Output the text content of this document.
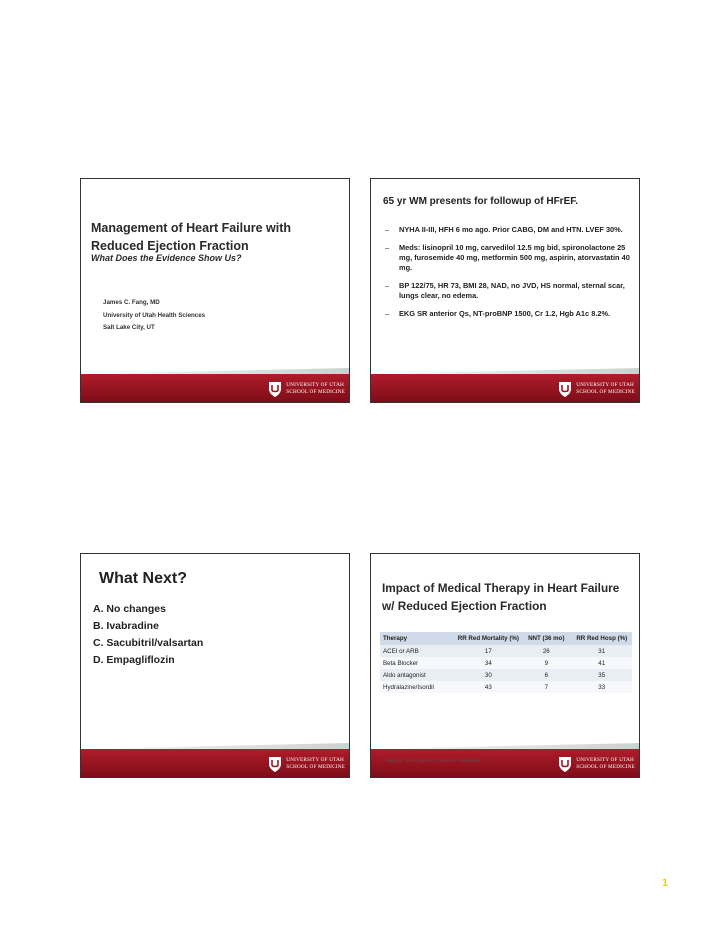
Management of Heart Failure with Reduced Ejection Fraction
What Does the Evidence Show Us?
James C. Fang, MD
University of Utah Health Sciences
Salt Lake City, UT
UNIVERSITY OF UTAH
SCHOOL OF MEDICINE
65 yr WM presents for followup of HFrEF.
– NYHA II-III, HFH 6 mo ago. Prior CABG, DM and HTN. LVEF 30%.
– Meds: lisinopril 10 mg, carvedilol 12.5 mg bid, spironolactone 25 mg, furosemide 40 mg, metformin 500 mg, aspirin, atorvastatin 40 mg.
– BP 122/75, HR 73, BMI 28, NAD, no JVD, HS normal, sternal scar, lungs clear, no edema.
– EKG SR anterior Qs, NT-proBNP 1500, Cr 1.2, Hgb A1c 8.2%.
UNIVERSITY OF UTAH
SCHOOL OF MEDICINE
What Next?
A. No changes
B. Ivabradine
C. Sacubitril/valsartan
D. Empagliflozin
UNIVERSITY OF UTAH
SCHOOL OF MEDICINE
Impact of Medical Therapy in Heart Failure w/ Reduced Ejection Fraction
Therapy	RR Red Mortality (%)	NNT (36 mo)	RR Red Hosp (%)
ACEI or ARB	17	26	31
Beta Blocker	34	9	41
Aldo antagonist	30	6	35
Hydralazine/Isordil	43	7	33
Yancy C, et al. 2013 ACC AHA HF Guidelines	UNIVERSITY OF UTAH
SCHOOL OF MEDICINE
1
